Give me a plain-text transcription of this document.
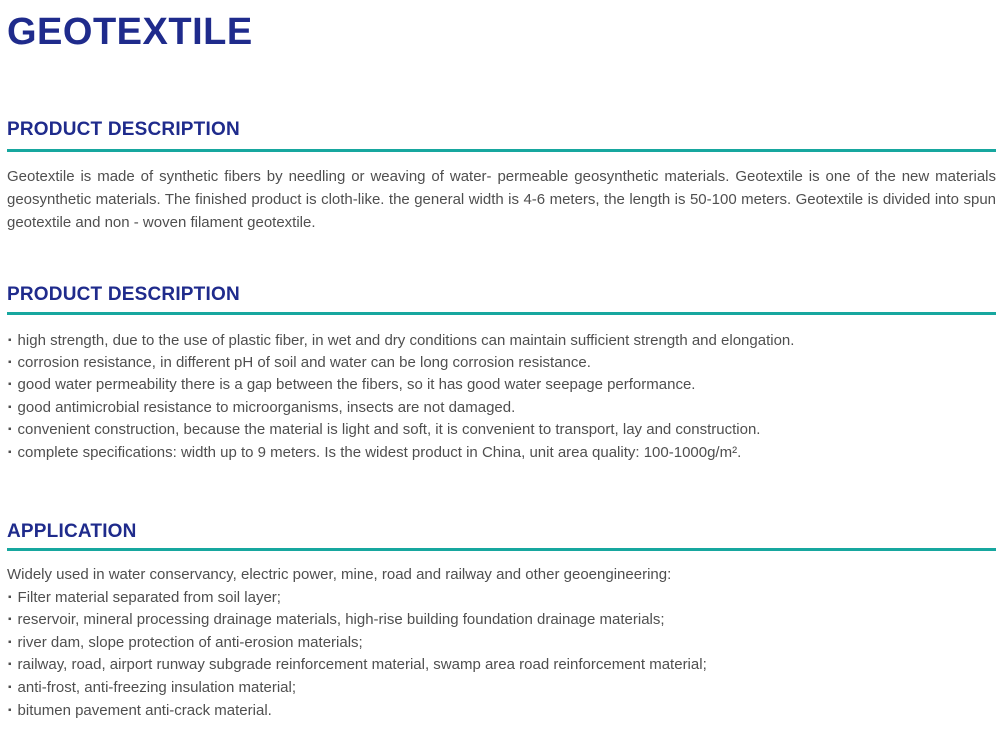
GEOTEXTILE
PRODUCT DESCRIPTION

Geotextile is made of synthetic fibers by needling or weaving of water- permeable geosynthetic materials. Geotextile is one of the new materials geosynthetic materials. The finished product is cloth-like. the general width is 4-6 meters, the length is 50-100 meters. Geotextile is divided into spun geotextile and non - woven filament geotextile.

PRODUCT DESCRIPTION
▪ high strength, due to the use of plastic fiber, in wet and dry conditions can maintain sufficient strength and elongation.
▪ corrosion resistance, in different pH of soil and water can be long corrosion resistance.
▪ good water permeability there is a gap between the fibers, so it has good water seepage performance.
▪ good antimicrobial resistance to microorganisms, insects are not damaged.
▪ convenient construction, because the material is light and soft, it is convenient to transport, lay and construction.
▪ complete specifications: width up to 9 meters. Is the widest product in China, unit area quality: 100-1000g/m².
APPLICATION

Widely used in water conservancy, electric power, mine, road and railway and other geoengineering:

▪ Filter material separated from soil layer;
▪ reservoir, mineral processing drainage materials, high-rise building foundation drainage materials;
▪ river dam, slope protection of anti-erosion materials;
▪ railway, road, airport runway subgrade reinforcement material, swamp area road reinforcement material;
▪ anti-frost, anti-freezing insulation material;
▪ bitumen pavement anti-crack material.
